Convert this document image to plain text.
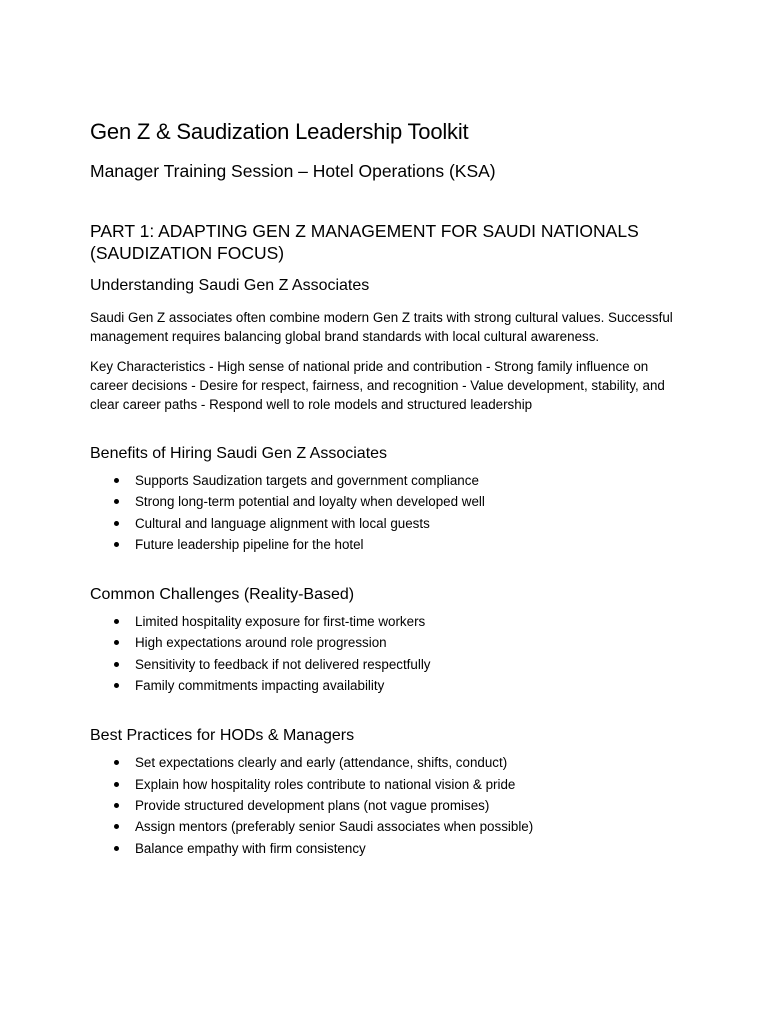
Gen Z & Saudization Leadership Toolkit
Manager Training Session – Hotel Operations (KSA)
PART 1: ADAPTING GEN Z MANAGEMENT FOR SAUDI NATIONALS (SAUDIZATION FOCUS)
Understanding Saudi Gen Z Associates

Saudi Gen Z associates often combine modern Gen Z traits with strong cultural values. Successful management requires balancing global brand standards with local cultural awareness.

Key Characteristics - High sense of national pride and contribution - Strong family influence on career decisions - Desire for respect, fairness, and recognition - Value development, stability, and clear career paths - Respond well to role models and structured leadership

Benefits of Hiring Saudi Gen Z Associates
Supports Saudization targets and government compliance
Strong long-term potential and loyalty when developed well
Cultural and language alignment with local guests
Future leadership pipeline for the hotel
Common Challenges (Reality-Based)
Limited hospitality exposure for first-time workers
High expectations around role progression
Sensitivity to feedback if not delivered respectfully
Family commitments impacting availability
Best Practices for HODs & Managers
Set expectations clearly and early (attendance, shifts, conduct)
Explain how hospitality roles contribute to national vision & pride
Provide structured development plans (not vague promises)
Assign mentors (preferably senior Saudi associates when possible)
Balance empathy with firm consistency
